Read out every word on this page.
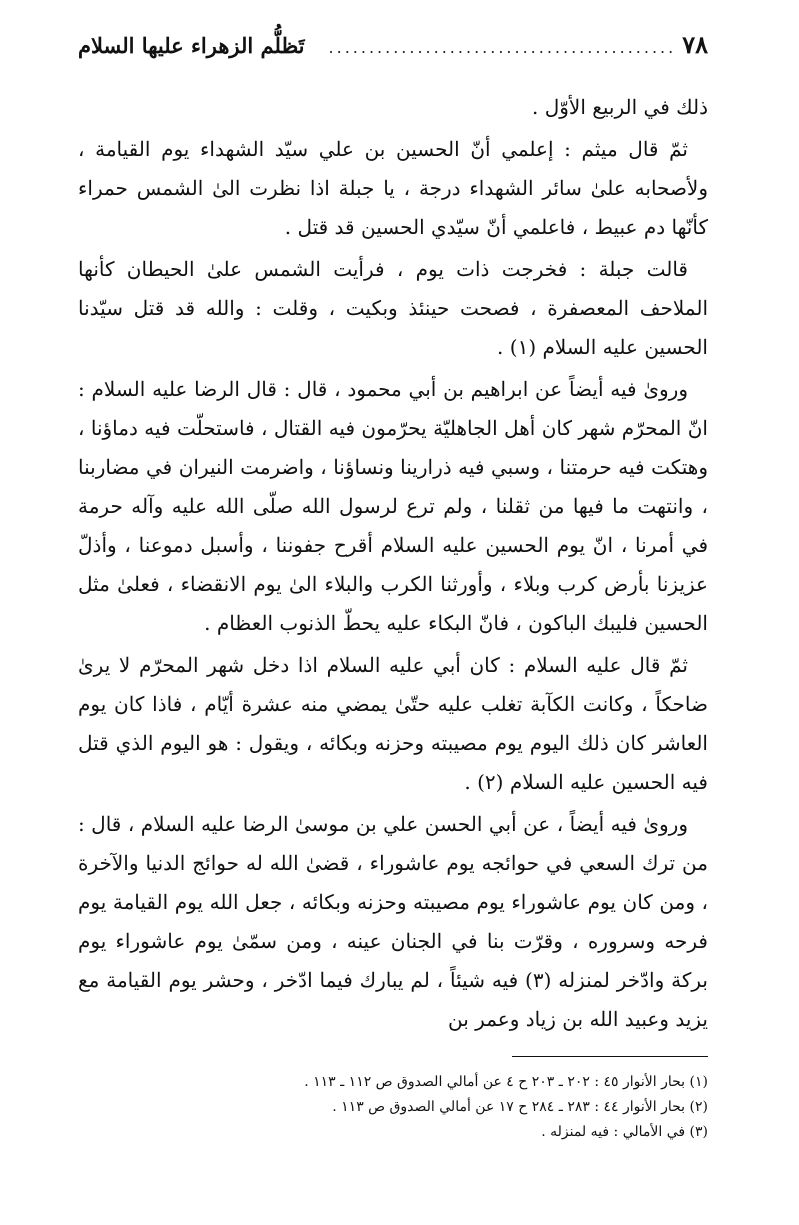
٧٨
...........................................
تَظلُّم الزهراء عليها السلام

ذلك في الربيع الأوّل .

ثمّ قال ميثم : إعلمي أنّ الحسين بن علي سيّد الشهداء يوم القيامة ، ولأصحابه علىٰ سائر الشهداء درجة ، يا جبلة اذا نظرت الىٰ الشمس حمراء كأنّها دم عبيط ، فاعلمي أنّ سيّدي الحسين قد قتل .

قالت جبلة : فخرجت ذات يوم ، فرأيت الشمس علىٰ الحيطان كأنها الملاحف المعصفرة ، فصحت حينئذ وبكيت ، وقلت : والله قد قتل سيّدنا الحسين عليه السلام (١) .

وروىٰ فيه أيضاً عن ابراهيم بن أبي محمود ، قال : قال الرضا عليه السلام : انّ المحرّم شهر كان أهل الجاهليّة يحرّمون فيه القتال ، فاستحلّت فيه دماؤنا ، وهتكت فيه حرمتنا ، وسبي فيه ذرارينا ونساؤنا ، واضرمت النيران في مضاربنا ، وانتهت ما فيها من ثقلنا ، ولم ترع لرسول الله صلّى الله عليه وآله حرمة في أمرنا ، انّ يوم الحسين عليه السلام أقرح جفوننا ، وأسبل دموعنا ، وأذلّ عزيزنا بأرض كرب وبلاء ، وأورثنا الكرب والبلاء الىٰ يوم الانقضاء ، فعلىٰ مثل الحسين فليبك الباكون ، فانّ البكاء عليه يحطّ الذنوب العظام .

ثمّ قال عليه السلام : كان أبي عليه السلام اذا دخل شهر المحرّم لا يرىٰ ضاحكاً ، وكانت الكآبة تغلب عليه حتّىٰ يمضي منه عشرة أيّام ، فاذا كان يوم العاشر كان ذلك اليوم يوم مصيبته وحزنه وبكائه ، ويقول : هو اليوم الذي قتل فيه الحسين عليه السلام (٢) .

وروىٰ فيه أيضاً ، عن أبي الحسن علي بن موسىٰ الرضا عليه السلام ، قال : من ترك السعي في حوائجه يوم عاشوراء ، قضىٰ الله له حوائج الدنيا والآخرة ، ومن كان يوم عاشوراء يوم مصيبته وحزنه وبكائه ، جعل الله يوم القيامة يوم فرحه وسروره ، وقرّت بنا في الجنان عينه ، ومن سمّىٰ يوم عاشوراء يوم بركة وادّخر لمنزله (٣) فيه شيئاً ، لم يبارك فيما ادّخر ، وحشر يوم القيامة مع يزيد وعبيد الله بن زياد وعمر بن

(١) بحار الأنوار ٤٥ : ٢٠٢ ـ ٢٠٣ ح ٤ عن أمالي الصدوق ص ١١٢ ـ ١١٣ .
(٢) بحار الأنوار ٤٤ : ٢٨٣ ـ ٢٨٤ ح ١٧ عن أمالي الصدوق ص ١١٣ .
(٣) في الأمالي : فيه لمنزله .
